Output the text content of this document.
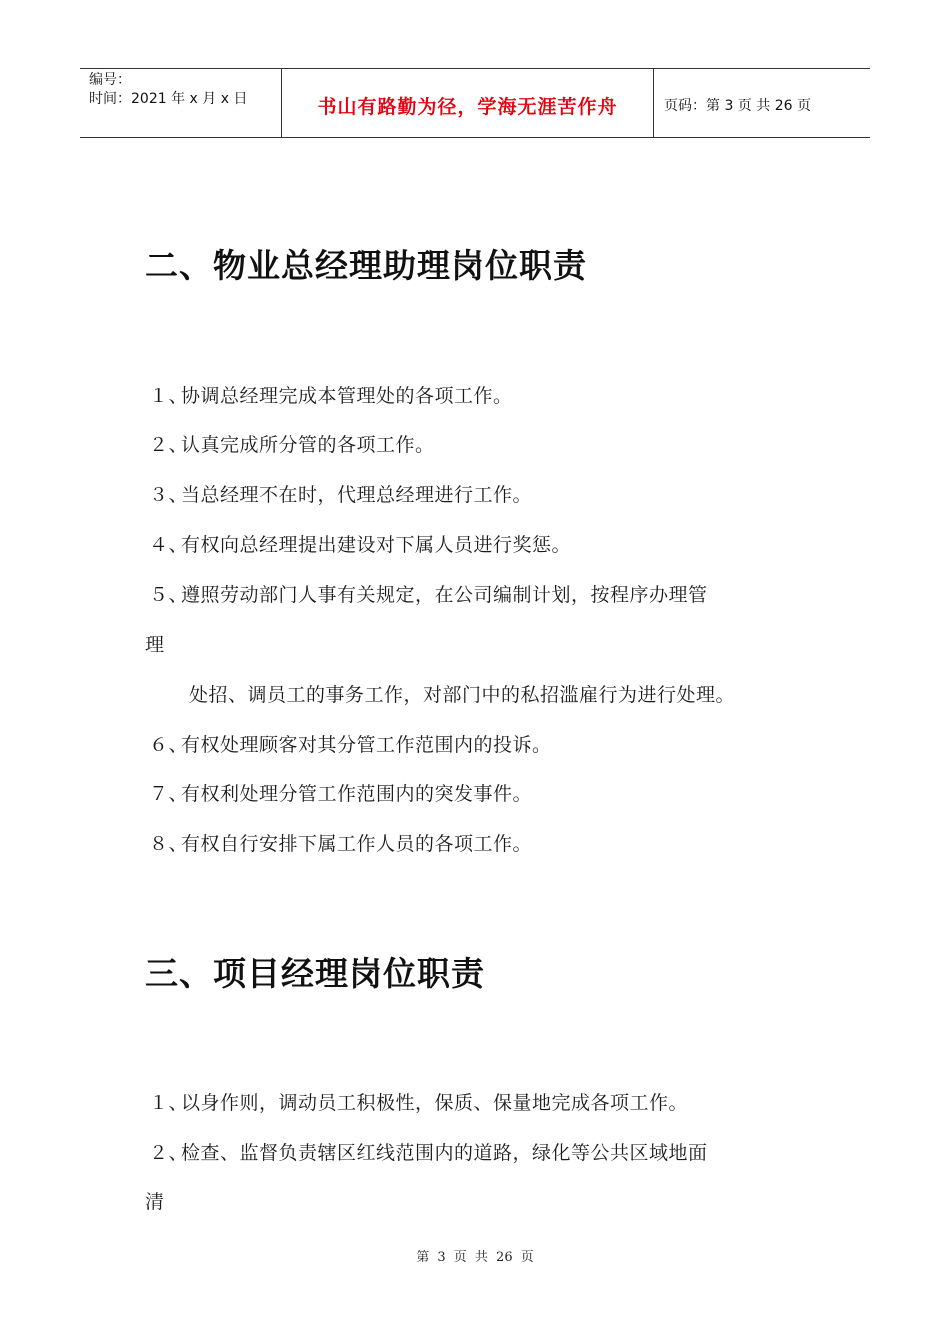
编号：
时间：2021 年 x 月 x 日	书山有路勤为径，学海无涯苦作舟	页码：第 3 页 共 26 页
二、物业总经理助理岗位职责
１、协调总经理完成本管理处的各项工作。
２、认真完成所分管的各项工作。
３、当总经理不在时，代理总经理进行工作。
４、有权向总经理提出建设对下属人员进行奖惩。
５、遵照劳动部门人事有关规定，在公司编制计划，按程序办理管
理
处招、调员工的事务工作，对部门中的私招滥雇行为进行处理。
６、有权处理顾客对其分管工作范围内的投诉。
７、有权利处理分管工作范围内的突发事件。
８、有权自行安排下属工作人员的各项工作。
三、项目经理岗位职责
１、以身作则，调动员工积极性，保质、保量地完成各项工作。
２、检查、监督负责辖区红线范围内的道路，绿化等公共区域地面
清
第 3 页 共 26 页
